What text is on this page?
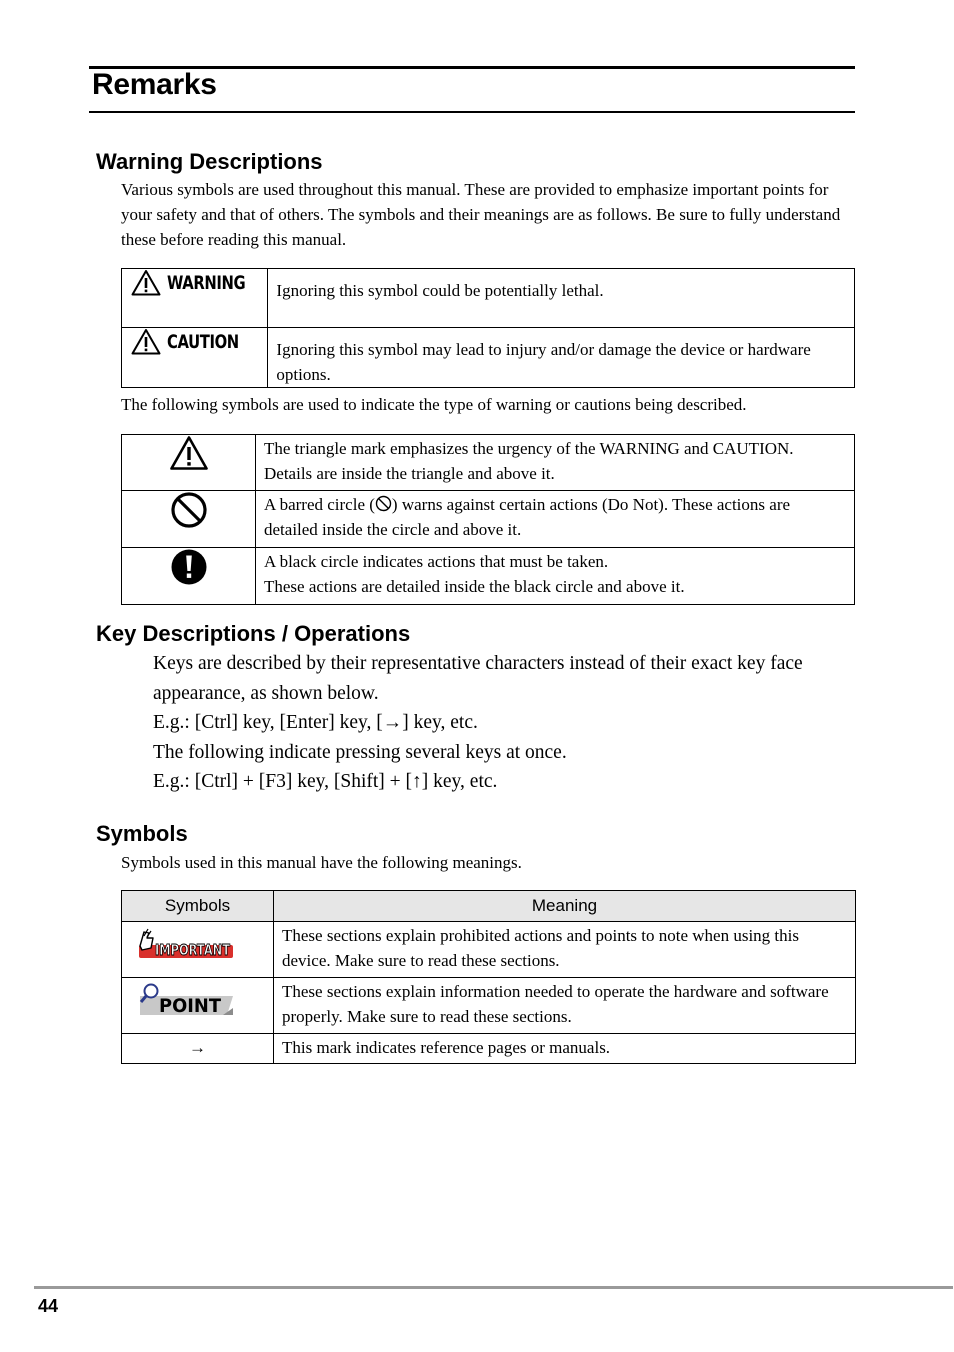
Remarks
Warning Descriptions

Various symbols are used throughout this manual. These are provided to emphasize important points for your safety and that of others. The symbols and their meanings are as follows. Be sure to fully understand these before reading this manual.

WARNING	Ignoring this symbol could be potentially lethal.

CAUTION	Ignoring this symbol may lead to injury and/or damage the device or hardware options.

The following symbols are used to indicate the type of warning or cautions being described.

The triangle mark emphasizes the urgency of the WARNING and CAUTION.
Details are inside the triangle and above it.

A barred circle ( ) warns against certain actions (Do Not). These actions are detailed inside the circle and above it.

A black circle indicates actions that must be taken.
These actions are detailed inside the black circle and above it.
Key Descriptions / Operations
Keys are described by their representative characters instead of their exact key face appearance, as shown below.
E.g.: [Ctrl] key, [Enter] key, [→] key, etc.
The following indicate pressing several keys at once.
E.g.: [Ctrl] + [F3] key, [Shift] + [↑] key, etc.
Symbols

Symbols used in this manual have the following meanings.

Symbols	Meaning

IMPORTANT	These sections explain prohibited actions and points to note when using this device. Make sure to read these sections.

POINT	These sections explain information needed to operate the hardware and software properly. Make sure to read these sections.

→	This mark indicates reference pages or manuals.
44
